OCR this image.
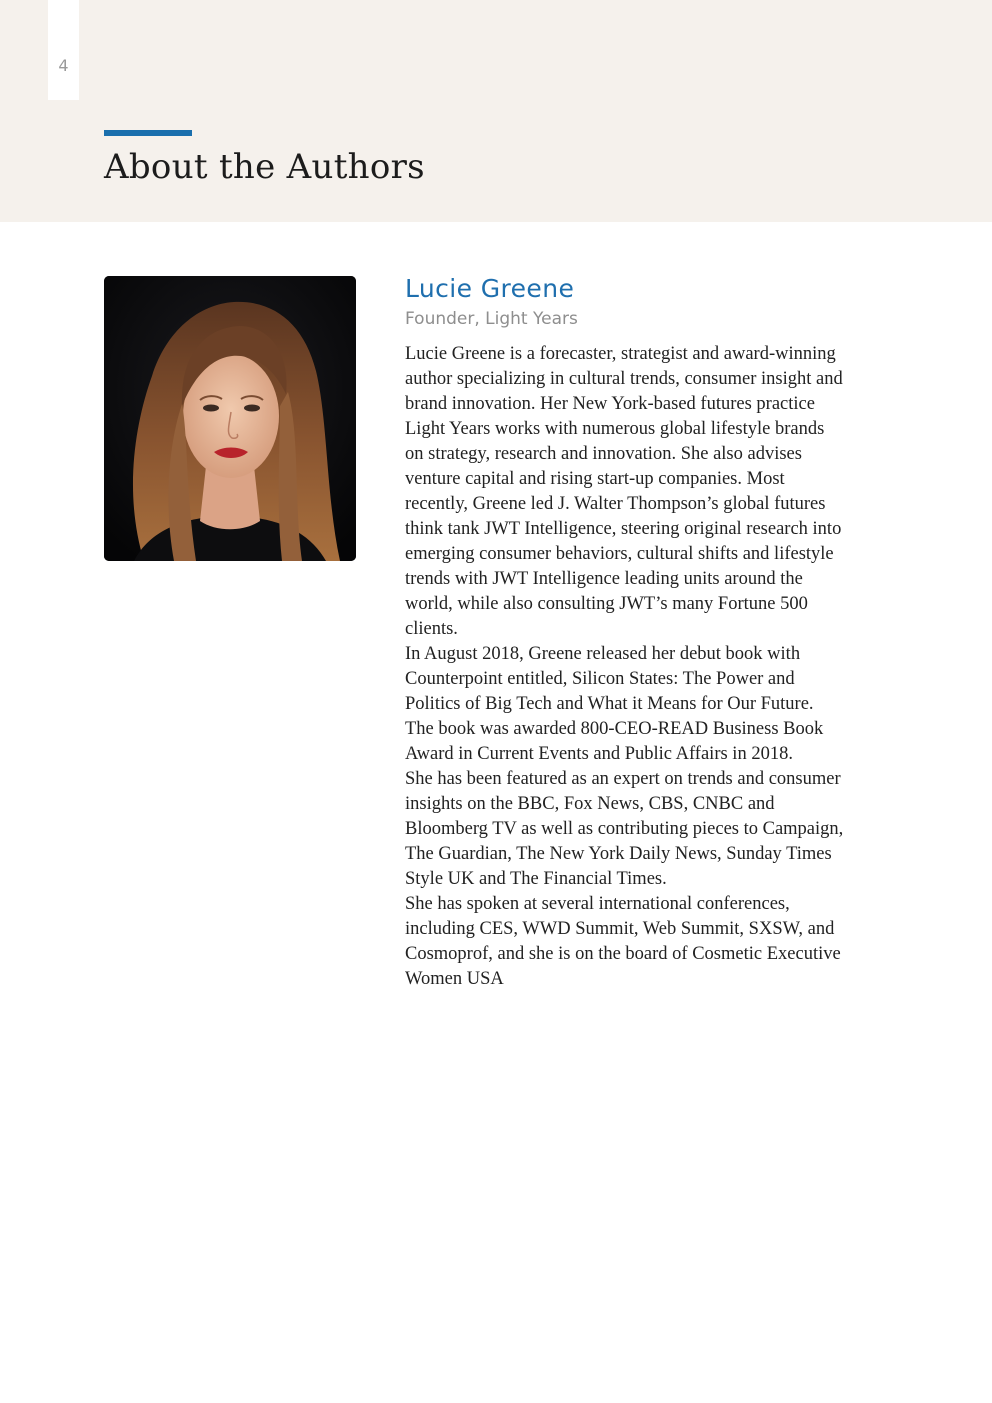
4
About the Authors
Lucie Greene
Founder, Light Years

Lucie Greene is a forecaster, strategist and award-winning author specializing in cultural trends, consumer insight and brand innovation. Her New York-based futures practice Light Years works with numerous global lifestyle brands on strategy, research and innovation. She also advises venture capital and rising start-up companies. Most recently, Greene led J. Walter Thompson’s global futures think tank JWT Intelligence, steering original research into emerging consumer behaviors, cultural shifts and lifestyle trends with JWT Intelligence leading units around the world, while also consulting JWT’s many Fortune 500 clients.

In August 2018, Greene released her debut book with Counterpoint entitled, Silicon States: The Power and Politics of Big Tech and What it Means for Our Future. The book was awarded 800-CEO-READ Business Book Award in Current Events and Public Affairs in 2018.

She has been featured as an expert on trends and consumer insights on the BBC, Fox News, CBS, CNBC and Bloomberg TV as well as contributing pieces to Campaign, The Guardian, The New York Daily News, Sunday Times Style UK and The Financial Times.

She has spoken at several international conferences, including CES, WWD Summit, Web Summit, SXSW, and Cosmoprof, and she is on the board of Cosmetic Executive Women USA
